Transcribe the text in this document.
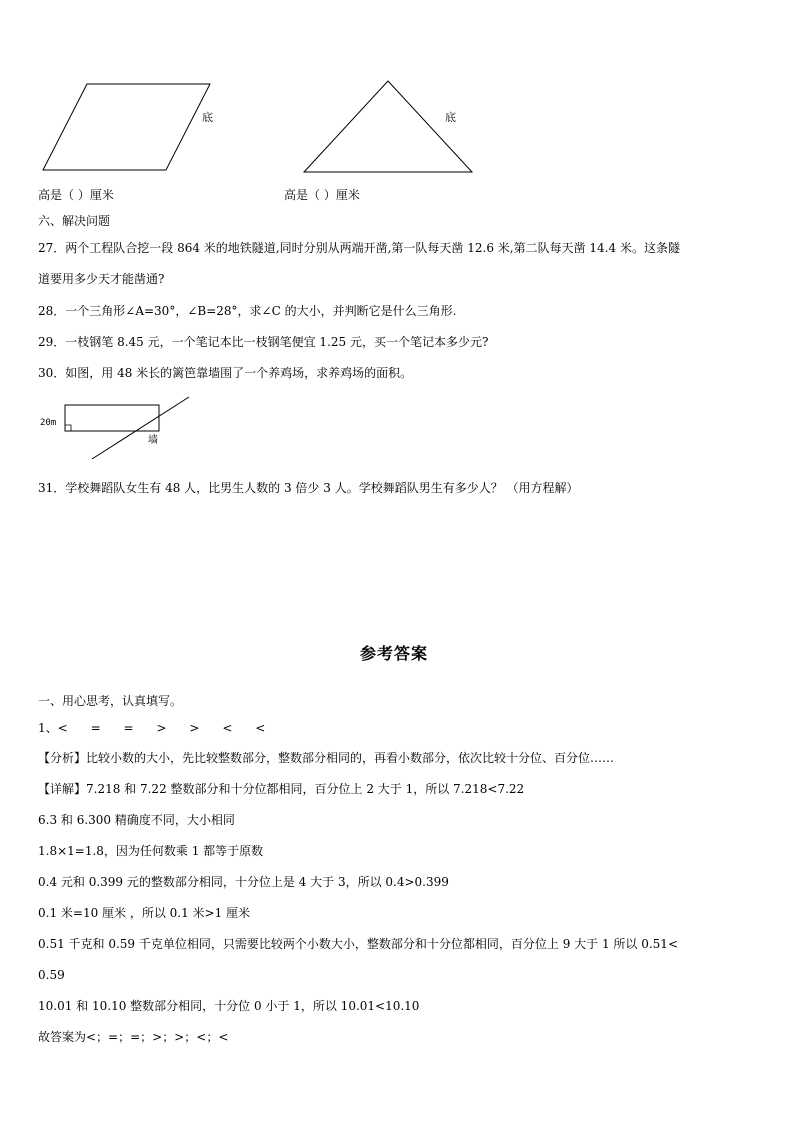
底	底
高是（ ）厘米	高是（ ）厘米
六、解决问题
27．两个工程队合挖一段 864 米的地铁隧道,同时分别从两端开凿,第一队每天凿 12.6 米,第二队每天凿 14.4 米。这条隧
道要用多少天才能凿通?
28．一个三角形∠A=30°，∠B=28°，求∠C 的大小，并判断它是什么三角形.
29．一枝钢笔 8.45 元，一个笔记本比一枝钢笔便宜 1.25 元，买一个笔记本多少元?
30．如图，用 48 米长的篱笆靠墙围了一个养鸡场，求养鸡场的面积。
20m
墙
31．学校舞蹈队女生有 48 人，比男生人数的 3 倍少 3 人。学校舞蹈队男生有多少人？ （用方程解）
参考答案
一、用心思考，认真填写。
1、<      =      =      >      >      <      <
【分析】比较小数的大小，先比较整数部分，整数部分相同的，再看小数部分，依次比较十分位、百分位……
【详解】7.218 和 7.22 整数部分和十分位都相同，百分位上 2 大于 1，所以 7.218<7.22
6.3 和 6.300 精确度不同，大小相同
1.8×1=1.8，因为任何数乘 1 都等于原数
0.4 元和 0.399 元的整数部分相同，十分位上是 4 大于 3，所以 0.4>0.399
0.1 米=10 厘米 ，所以 0.1 米>1 厘米
0.51 千克和 0.59 千克单位相同，只需要比较两个小数大小，整数部分和十分位都相同，百分位上 9 大于 1 所以 0.51<
0.59
10.01 和 10.10 整数部分相同，十分位 0 小于 1，所以 10.01<10.10
故答案为<；=；=；>；>；<；<
